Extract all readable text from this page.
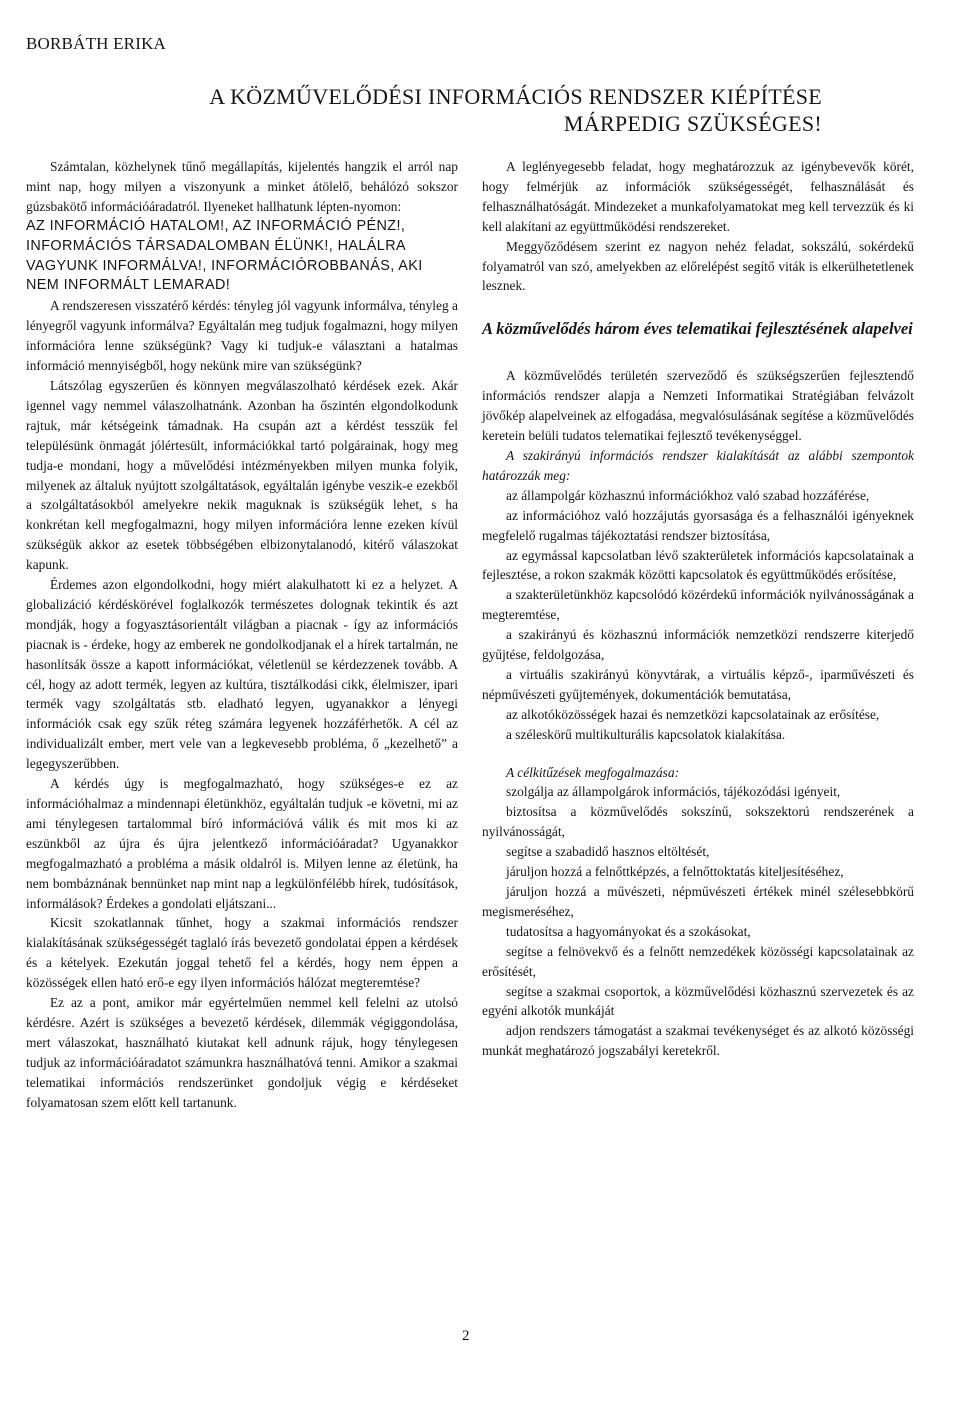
BORBÁTH ERIKA
A KÖZMŰVELŐDÉSI INFORMÁCIÓS RENDSZER KIÉPÍTÉSE
MÁRPEDIG SZÜKSÉGES!

Számtalan, közhelynek tűnő megállapítás, kijelentés hangzik el arról nap mint nap, hogy milyen a viszonyunk a minket átölelő, behálózó sokszor gúzsbakötő információáradatról. Ilyeneket hallhatunk lépten-nyomon:

AZ INFORMÁCIÓ HATALOM!, AZ INFORMÁCIÓ PÉNZ!, INFORMÁCIÓS TÁRSADALOMBAN ÉLÜNK!, HALÁLRA VAGYUNK INFORMÁLVA!, INFORMÁCIÓROBBANÁS, AKI NEM INFORMÁLT LEMARAD!

A rendszeresen visszatérő kérdés: tényleg jól vagyunk informálva, tényleg a lényegről vagyunk informálva? Egyáltalán meg tudjuk fogalmazni, hogy milyen információra lenne szükségünk? Vagy ki tudjuk-e választani a hatalmas információ mennyiségből, hogy nekünk mire van szükségünk?

Látszólag egyszerűen és könnyen megválaszolható kérdések ezek. Akár igennel vagy nemmel válaszolhatnánk. Azonban ha őszintén elgondolkodunk rajtuk, már kétségeink támadnak. Ha csupán azt a kérdést tesszük fel településünk önmagát jólértesült, információkkal tartó polgárainak, hogy meg tudja-e mondani, hogy a művelődési intézményekben milyen munka folyik, milyenek az általuk nyújtott szolgáltatások, egyáltalán igénybe veszik-e ezekből a szolgáltatásokból amelyekre nekik maguknak is szükségük lehet, s ha konkrétan kell megfogalmazni, hogy milyen információra lenne ezeken kívül szükségük akkor az esetek többségében elbizonytalanodó, kitérő válaszokat kapunk.

Érdemes azon elgondolkodni, hogy miért alakulhatott ki ez a helyzet. A globalizáció kérdéskörével foglalkozók természetes dolognak tekintik és azt mondják, hogy a fogyasztásorientált világban a piacnak - így az információs piacnak is - érdeke, hogy az emberek ne gondolkodjanak el a hírek tartalmán, ne hasonlítsák össze a kapott információkat, véletlenül se kérdezzenek tovább. A cél, hogy az adott termék, legyen az kultúra, tisztálkodási cikk, élelmiszer, ipari termék vagy szolgáltatás stb. eladható legyen, ugyanakkor a lényegi információk csak egy szűk réteg számára legyenek hozzáférhetők. A cél az individualizált ember, mert vele van a legkevesebb probléma, ő „kezelhető” a legegyszerűbben.

A kérdés úgy is megfogalmazható, hogy szükséges-e ez az információhalmaz a mindennapi életünkhöz, egyáltalán tudjuk -e követni, mi az ami ténylegesen tartalommal bíró információvá válik és mit mos ki az eszünkből az újra és újra jelentkező információáradat? Ugyanakkor megfogalmazható a probléma a másik oldalról is. Milyen lenne az életünk, ha nem bombáznának bennünket nap mint nap a legkülönfélébb hírek, tudósítások, informálások? Érdekes a gondolati eljátszani...

Kicsit szokatlannak tűnhet, hogy a szakmai információs rendszer kialakításának szükségességét taglaló írás bevezető gondolatai éppen a kérdések és a kételyek. Ezekután joggal tehető fel a kérdés, hogy nem éppen a közösségek ellen ható erő-e egy ilyen információs hálózat megteremtése?

Ez az a pont, amikor már egyértelműen nemmel kell felelni az utolsó kérdésre. Azért is szükséges a bevezető kérdések, dilemmák végiggondolása, mert válaszokat, használható kiutakat kell adnunk rájuk, hogy ténylegesen tudjuk az információáradatot számunkra használhatóvá tenni. Amikor a szakmai telematikai információs rendszerünket gondoljuk végig e kérdéseket folyamatosan szem előtt kell tartanunk.

A leglényegesebb feladat, hogy meghatározzuk az igénybevevők körét, hogy felmérjük az információk szükségességét, felhasználását és felhasználhatóságát. Mindezeket a munkafolyamatokat meg kell tervezzük és ki kell alakítani az együttműködési rendszereket.

Meggyőződésem szerint ez nagyon nehéz feladat, sokszálú, sokérdekű folyamatról van szó, amelyekben az előrelépést segítő viták is elkerülhetetlenek lesznek.

A közművelődés három éves telematikai fejlesztésének alapelvei

A közművelődés területén szerveződő és szükségszerűen fejlesztendő információs rendszer alapja a Nemzeti Informatikai Stratégiában felvázolt jövőkép alapelveinek az elfogadása, megvalósulásának segítése a közművelődés keretein belüli tudatos telematikai fejlesztő tevékenységgel.

A szakirányú információs rendszer kialakítását az alábbi szempontok határozzák meg:

az állampolgár közhasznú információkhoz való szabad hozzáférése,

az információhoz való hozzájutás gyorsasága és a felhasználói igényeknek megfelelő rugalmas tájékoztatási rendszer biztosítása,

az egymással kapcsolatban lévő szakterületek információs kapcsolatainak a fejlesztése, a rokon szakmák közötti kapcsolatok és együttműködés erősítése,

a szakterületünkhöz kapcsolódó közérdekű információk nyilvánosságának a megteremtése,

a szakirányú és közhasznú információk nemzetközi rendszerre kiterjedő gyűjtése, feldolgozása,

a virtuális szakirányú könyvtárak, a virtuális képző-, iparművészeti és népművészeti gyűjtemények, dokumentációk bemutatása,

az alkotóközösségek hazai és nemzetközi kapcsolatainak az erősítése,

a széleskörű multikulturális kapcsolatok kialakítása.

A célkitűzések megfogalmazása:

szolgálja az állampolgárok információs, tájékozódási igényeit,

biztosítsa a közművelődés sokszínű, sokszektorú rendszerének a nyilvánosságát,

segítse a szabadidő hasznos eltöltését,

járuljon hozzá a felnőttképzés, a felnőttoktatás kiteljesítéséhez,

járuljon hozzá a művészeti, népművészeti értékek minél szélesebbkörű megismeréséhez,

tudatosítsa a hagyományokat és a szokásokat,

segítse a felnövekvő és a felnőtt nemzedékek közösségi kapcsolatainak az erősítését,

segítse a szakmai csoportok, a közművelődési közhasznú szervezetek és az egyéni alkotók munkáját

adjon rendszers támogatást a szakmai tevékenységet és az alkotó közösségi munkát meghatározó jogszabályi keretekről.

2
